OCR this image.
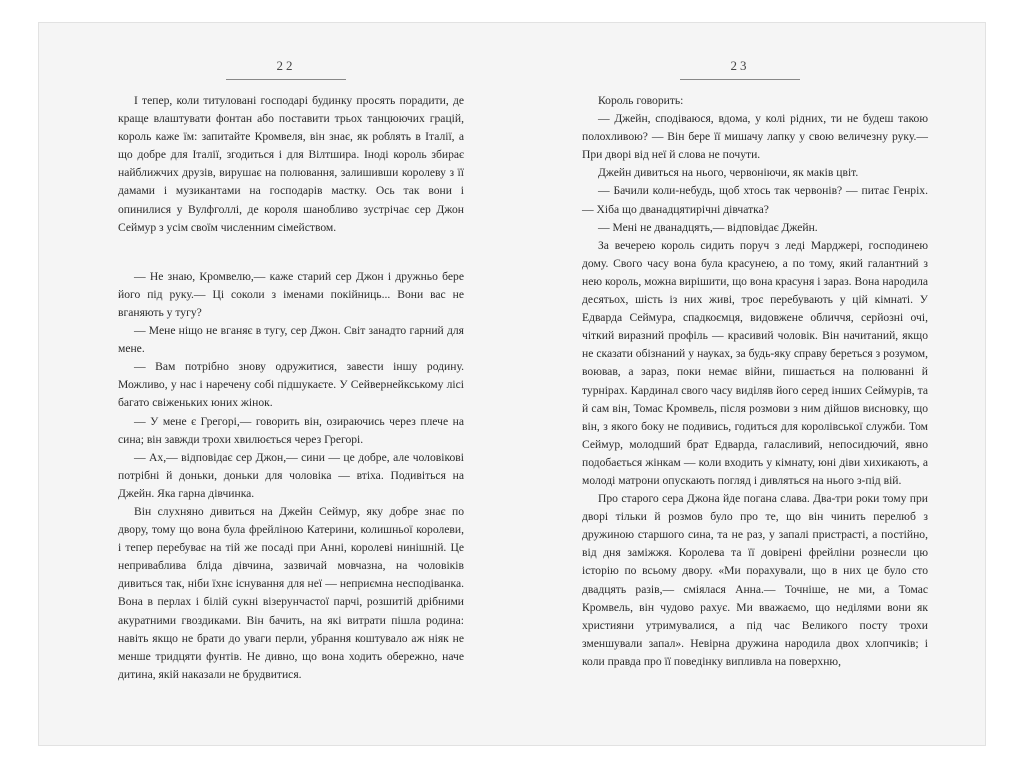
22

І тепер, коли титуловані господарі будинку просять порадити, де краще влаштувати фонтан або поставити трьох танцюючих грацій, король каже їм: запитайте Кромвеля, він знає, як роблять в Італії, а що добре для Італії, згодиться і для Вілтшира. Іноді король збирає найближчих друзів, вирушає на полювання, залишивши королеву з її дамами і музикантами на господарів мастку. Ось так вони і опинилися у Вулфголлі, де короля шанобливо зустрічає сер Джон Сеймур з усім своїм численним сімейством.

— Не знаю, Кромвелю,— каже старий сер Джон і дружньо бере його під руку.— Ці соколи з іменами покійниць... Вони вас не вганяють у тугу?

— Мене ніщо не вганяє в тугу, сер Джон. Світ занадто гарний для мене.

— Вам потрібно знову одружитися, завести іншу родину. Можливо, у нас і наречену собі підшукаєте. У Сейвернейкському лісі багато свіженьких юних жінок.

— У мене є Грегорі,— говорить він, озираючись через плече на сина; він завжди трохи хвилюється через Грегорі.

— Ах,— відповідає сер Джон,— сини — це добре, але чоловікові потрібні й доньки, доньки для чоловіка — втіха. Подивіться на Джейн. Яка гарна дівчинка.

Він слухняно дивиться на Джейн Сеймур, яку добре знає по двору, тому що вона була фрейліною Катерини, колишньої королеви, і тепер перебуває на тій же посаді при Анні, королеві нинішній. Це неприваблива бліда дівчина, зазвичай мовчазна, на чоловіків дивиться так, ніби їхнє існування для неї — неприємна несподіванка. Вона в перлах і білій сукні візерунчастої парчі, розшитій дрібними акуратними гвоздиками. Він бачить, на які витрати пішла родина: навіть якщо не брати до уваги перли, убрання коштувало аж ніяк не менше тридцяти фунтів. Не дивно, що вона ходить обережно, наче дитина, якій наказали не брудвитися.

23

Король говорить:

— Джейн, сподіваюся, вдома, у колі рідних, ти не будеш такою полохливою? — Він бере її мишачу лапку у свою величезну руку.— При дворі від неї й слова не почути.

Джейн дивиться на нього, червоніючи, як маків цвіт.

— Бачили коли-небудь, щоб хтось так червонів? — питає Генріх.— Хіба що дванадцятирічні дівчатка?

— Мені не дванадцять,— відповідає Джейн.

За вечерею король сидить поруч з леді Марджері, господинею дому. Свого часу вона була красунею, а по тому, який галантний з нею король, можна вирішити, що вона красуня і зараз. Вона народила десятьох, шість із них живі, троє перебувають у цій кімнаті. У Едварда Сеймура, спадкоємця, видовжене обличчя, серйозні очі, чіткий виразний профіль — красивий чоловік. Він начитаний, якщо не сказати обізнаний у науках, за будь-яку справу береться з розумом, воював, а зараз, поки немає війни, пишається на полюванні й турнірах. Кардинал свого часу виділяв його серед інших Сеймурів, та й сам він, Томас Кромвель, після розмови з ним дійшов висновку, що він, з якого боку не подивись, годиться для королівської служби. Том Сеймур, молодший брат Едварда, галасливий, непосидючий, явно подобається жінкам — коли входить у кімнату, юні діви хихикають, а молоді матрони опускають погляд і дивляться на нього з-під вій.

Про старого сера Джона йде погана слава. Два-три роки тому при дворі тільки й розмов було про те, що він чинить перелюб з дружиною старшого сина, та не раз, у запалі пристрасті, а постійно, від дня заміжжя. Королева та її довірені фрейліни рознесли цю історію по всьому двору. «Ми порахували, що в них це було сто двадцять разів,— сміялася Анна.— Точніше, не ми, а Томас Кромвель, він чудово рахує. Ми вважаємо, що неділями вони як християни утримувалися, а під час Великого посту трохи зменшували запал». Невірна дружина народила двох хлопчиків; і коли правда про її поведінку випливла на поверхню,
